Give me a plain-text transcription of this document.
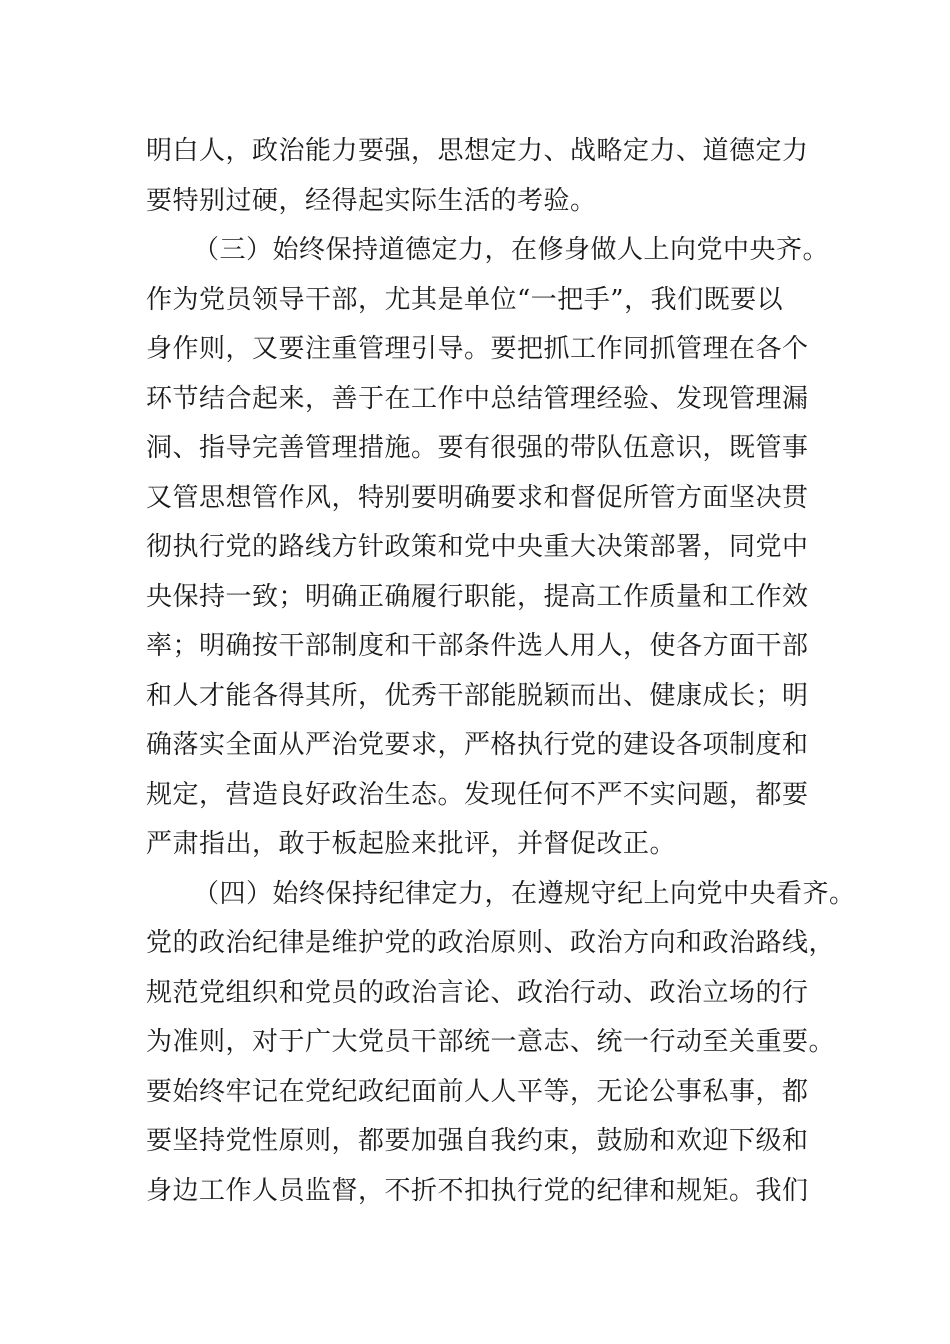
明白人，政治能力要强，思想定力、战略定力、道德定力
要特别过硬，经得起实际生活的考验。
（三）始终保持道德定力，在修身做人上向党中央齐。
作为党员领导干部，尤其是单位“一把手”，我们既要以
身作则，又要注重管理引导。要把抓工作同抓管理在各个
环节结合起来，善于在工作中总结管理经验、发现管理漏
洞、指导完善管理措施。要有很强的带队伍意识，既管事
又管思想管作风，特别要明确要求和督促所管方面坚决贯
彻执行党的路线方针政策和党中央重大决策部署，同党中
央保持一致；明确正确履行职能，提高工作质量和工作效
率；明确按干部制度和干部条件选人用人，使各方面干部
和人才能各得其所，优秀干部能脱颖而出、健康成长；明
确落实全面从严治党要求，严格执行党的建设各项制度和
规定，营造良好政治生态。发现任何不严不实问题，都要
严肃指出，敢于板起脸来批评，并督促改正。
（四）始终保持纪律定力，在遵规守纪上向党中央看齐。
党的政治纪律是维护党的政治原则、政治方向和政治路线，
规范党组织和党员的政治言论、政治行动、政治立场的行
为准则，对于广大党员干部统一意志、统一行动至关重要。
要始终牢记在党纪政纪面前人人平等，无论公事私事，都
要坚持党性原则，都要加强自我约束，鼓励和欢迎下级和
身边工作人员监督，不折不扣执行党的纪律和规矩。我们
